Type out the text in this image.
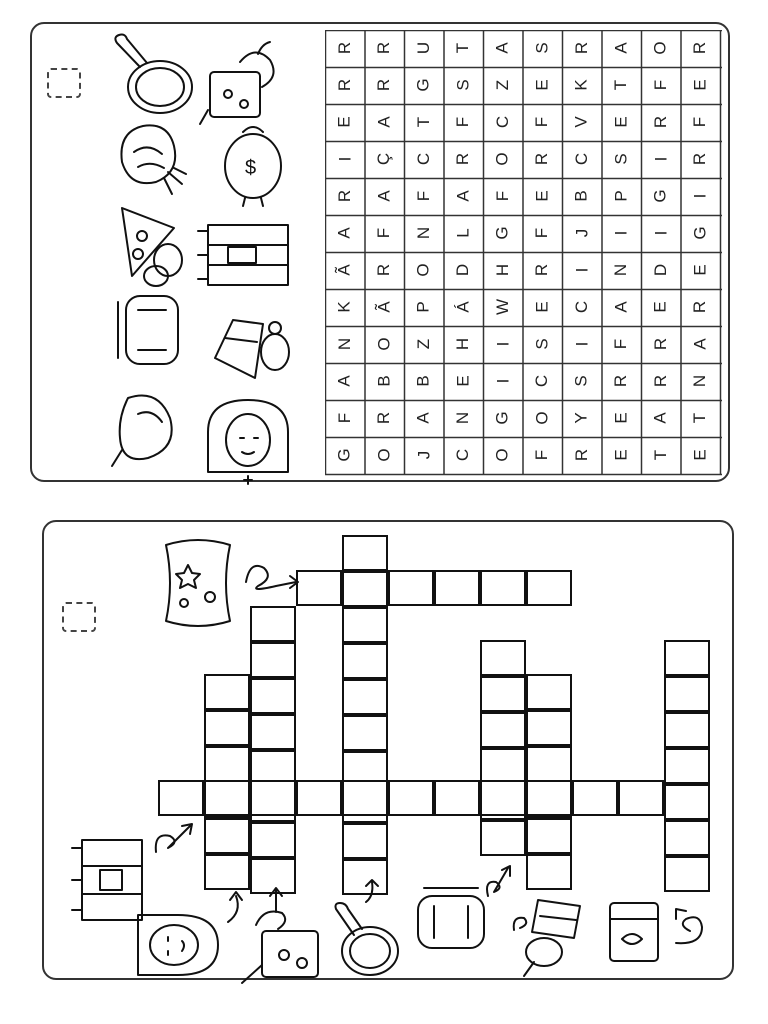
$
R R U T A S R A O R
R R G S Z E K T F E
E A T F C F V E R F
I Ç C R O R C S I R
R A F A F E B P G I
A F N L G F J I I G
Ã R O D H R I N D E
K Ã P Á W E C A E R
N O Z H I S I F R A
A B B E I C S R R N
F R A N G O Y E A T
G O J C O F R E T E
